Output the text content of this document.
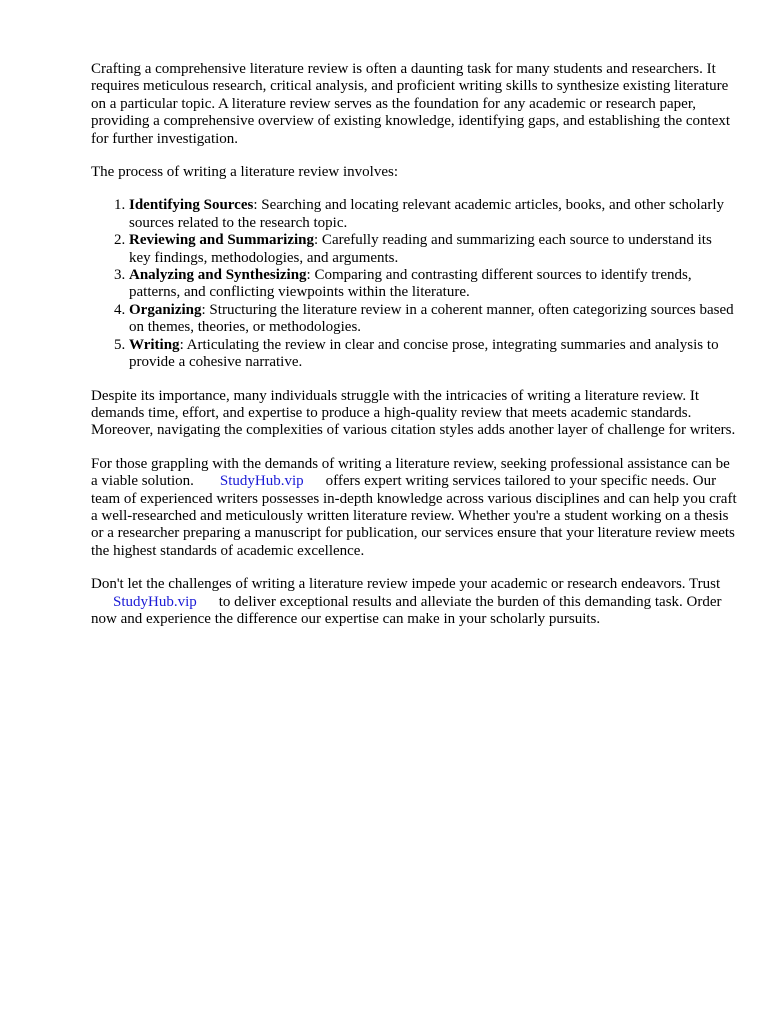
Crafting a comprehensive literature review is often a daunting task for many students and researchers. It requires meticulous research, critical analysis, and proficient writing skills to synthesize existing literature on a particular topic. A literature review serves as the foundation for any academic or research paper, providing a comprehensive overview of existing knowledge, identifying gaps, and establishing the context for further investigation.

The process of writing a literature review involves:

1. Identifying Sources: Searching and locating relevant academic articles, books, and other scholarly sources related to the research topic.
2. Reviewing and Summarizing: Carefully reading and summarizing each source to understand its key findings, methodologies, and arguments.
3. Analyzing and Synthesizing: Comparing and contrasting different sources to identify trends, patterns, and conflicting viewpoints within the literature.
4. Organizing: Structuring the literature review in a coherent manner, often categorizing sources based on themes, theories, or methodologies.
5. Writing: Articulating the review in clear and concise prose, integrating summaries and analysis to provide a cohesive narrative.

Despite its importance, many individuals struggle with the intricacies of writing a literature review. It demands time, effort, and expertise to produce a high-quality review that meets academic standards. Moreover, navigating the complexities of various citation styles adds another layer of challenge for writers.

For those grappling with the demands of writing a literature review, seeking professional assistance can be a viable solution. StudyHub.vip offers expert writing services tailored to your specific needs. Our team of experienced writers possesses in-depth knowledge across various disciplines and can help you craft a well-researched and meticulously written literature review. Whether you're a student working on a thesis or a researcher preparing a manuscript for publication, our services ensure that your literature review meets the highest standards of academic excellence.

Don't let the challenges of writing a literature review impede your academic or research endeavors. TrustStudyHub.vip to deliver exceptional results and alleviate the burden of this demanding task. Order now and experience the difference our expertise can make in your scholarly pursuits.
